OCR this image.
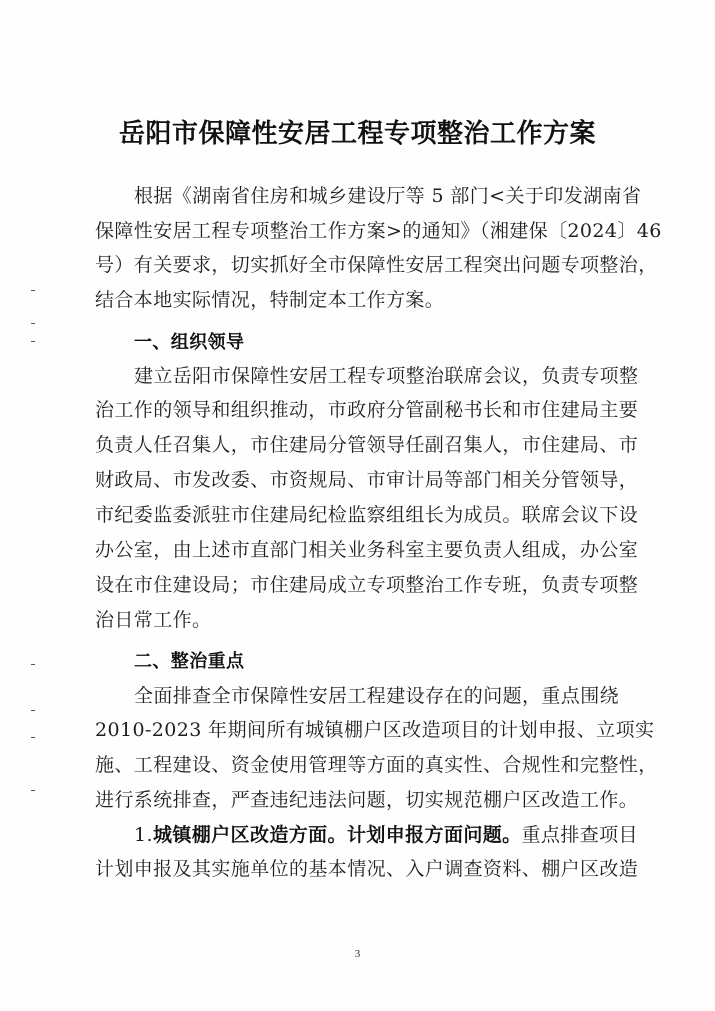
岳阳市保障性安居工程专项整治工作方案
根据《湖南省住房和城乡建设厅等 5 部门<关于印发湖南省
保障性安居工程专项整治工作方案>的通知》（湘建保〔2024〕46
号）有关要求，切实抓好全市保障性安居工程突出问题专项整治，
结合本地实际情况，特制定本工作方案。
一、组织领导
建立岳阳市保障性安居工程专项整治联席会议，负责专项整
治工作的领导和组织推动，市政府分管副秘书长和市住建局主要
负责人任召集人，市住建局分管领导任副召集人，市住建局、市
财政局、市发改委、市资规局、市审计局等部门相关分管领导，
市纪委监委派驻市住建局纪检监察组组长为成员。联席会议下设
办公室，由上述市直部门相关业务科室主要负责人组成，办公室
设在市住建设局；市住建局成立专项整治工作专班，负责专项整
治日常工作。
二、整治重点
全面排查全市保障性安居工程建设存在的问题，重点围绕
2010-2023 年期间所有城镇棚户区改造项目的计划申报、立项实
施、工程建设、资金使用管理等方面的真实性、合规性和完整性，
进行系统排查，严查违纪违法问题，切实规范棚户区改造工作。
1.城镇棚户区改造方面。计划申报方面问题。重点排查项目
计划申报及其实施单位的基本情况、入户调查资料、棚户区改造
3
